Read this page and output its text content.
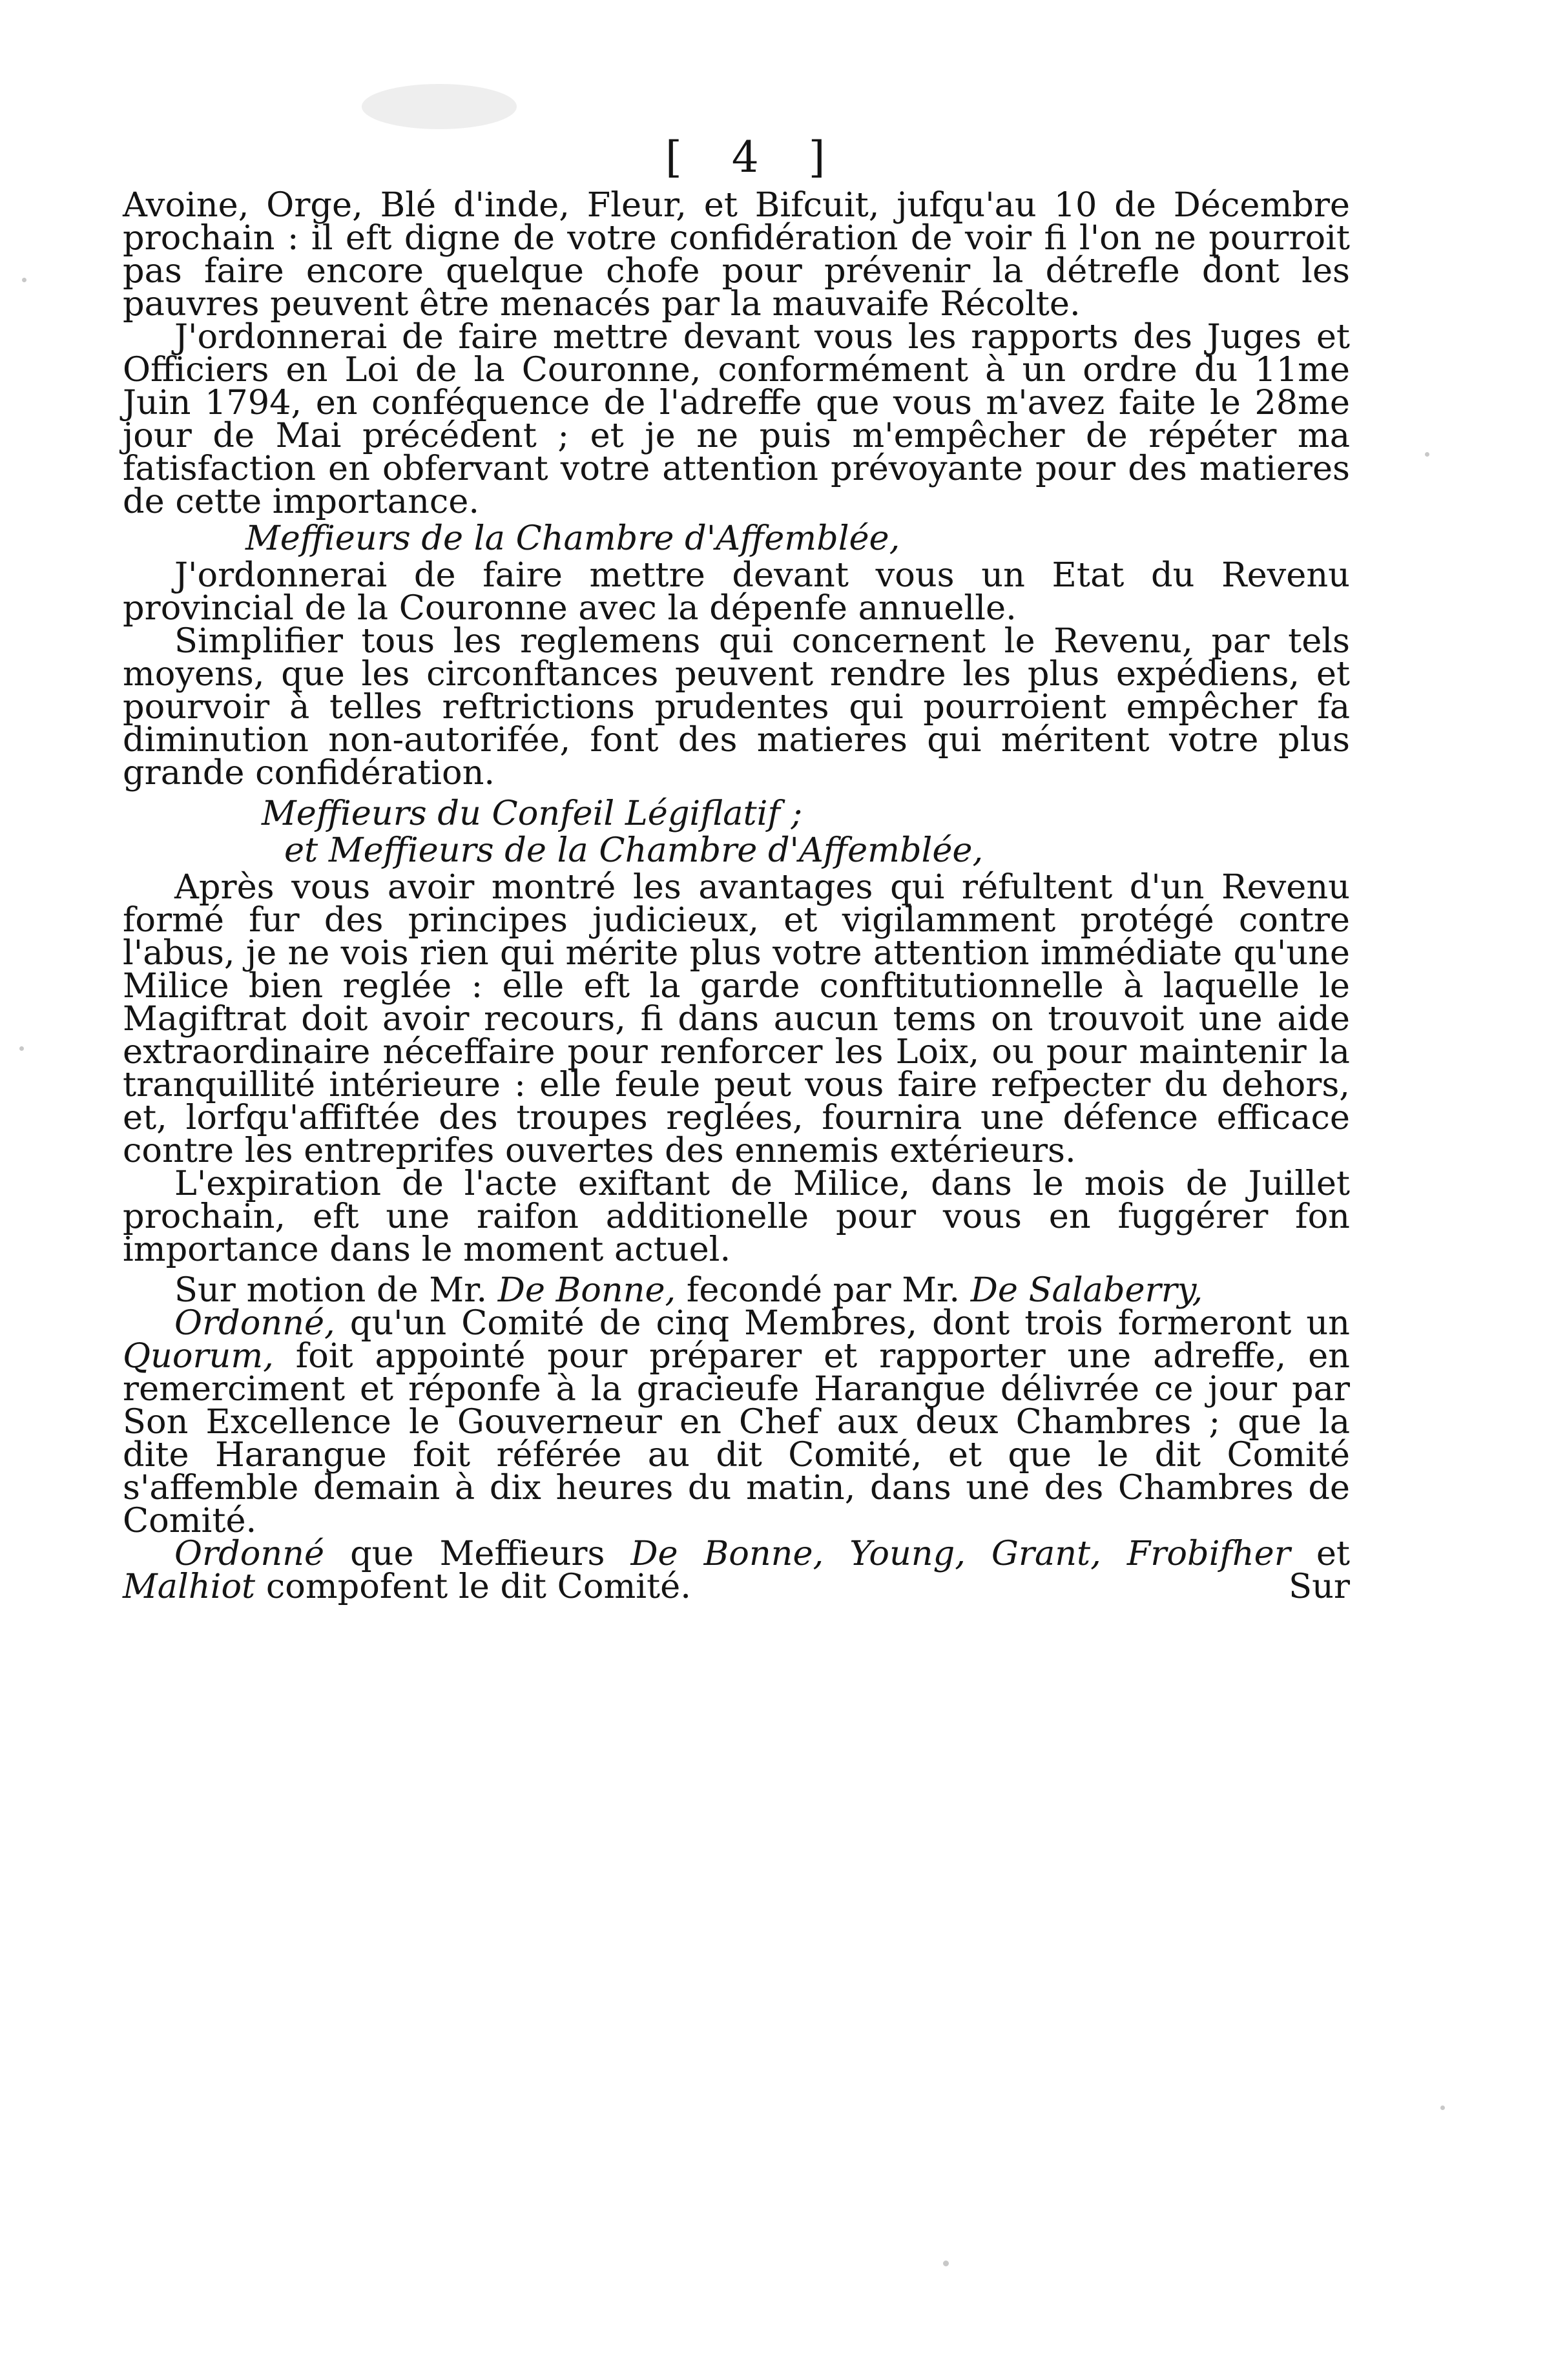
[ 4 ]

Avoine, Orge, Blé d'inde, Fleur, et Bifcuit, jufqu'au 10 de Décembre prochain : il eft digne de votre confidération de voir fi l'on ne pourroit pas faire encore quelque chofe pour prévenir la détrefle dont les pauvres peuvent être menacés par la mauvaife Récolte.

J'ordonnerai de faire mettre devant vous les rapports des Juges et Officiers en Loi de la Couronne, conformément à un ordre du 11me Juin 1794, en conféquence de l'adreffe que vous m'avez faite le 28me jour de Mai précédent ; et je ne puis m'empêcher de répéter ma fatisfaction en obfervant votre attention prévoyante pour des matieres de cette importance.

Meffieurs de la Chambre d'Affemblée,

J'ordonnerai de faire mettre devant vous un Etat du Revenu provincial de la Couronne avec la dépenfe annuelle.

Simplifier tous les reglemens qui concernent le Revenu, par tels moyens, que les circonftances peuvent rendre les plus expédiens, et pourvoir à telles reftrictions prudentes qui pourroient empêcher fa diminution non-autorifée, font des matieres qui méritent votre plus grande confidération.

Meffieurs du Confeil Légiflatif ;

et Meffieurs de la Chambre d'Affemblée,

Après vous avoir montré les avantages qui réfultent d'un Revenu formé fur des principes judicieux, et vigilamment protégé contre l'abus, je ne vois rien qui mérite plus votre attention immédiate qu'une Milice bien reglée : elle eft la garde conftitutionnelle à laquelle le Magiftrat doit avoir recours, fi dans aucun tems on trouvoit une aide extraordinaire néceffaire pour renforcer les Loix, ou pour maintenir la tranquillité intérieure : elle feule peut vous faire refpecter du dehors, et, lorfqu'affiftée des troupes reglées, fournira une défence efficace contre les entreprifes ouvertes des ennemis extérieurs.

L'expiration de l'acte exiftant de Milice, dans le mois de Juillet prochain, eft une raifon additionelle pour vous en fuggérer fon importance dans le moment actuel.

Sur motion de Mr. De Bonne, fecondé par Mr. De Salaberry,

Ordonné, qu'un Comité de cinq Membres, dont trois formeront un Quorum, foit appointé pour préparer et rapporter une adreffe, en remerciment et réponfe à la gracieufe Harangue délivrée ce jour par Son Excellence le Gouverneur en Chef aux deux Chambres ; que la dite Harangue foit référée au dit Comité, et que le dit Comité s'affemble demain à dix heures du matin, dans une des Chambres de Comité.

Ordonné que Meffieurs De Bonne, Young, Grant, Frobifher et Malhiot compofent le dit Comité.	Sur
